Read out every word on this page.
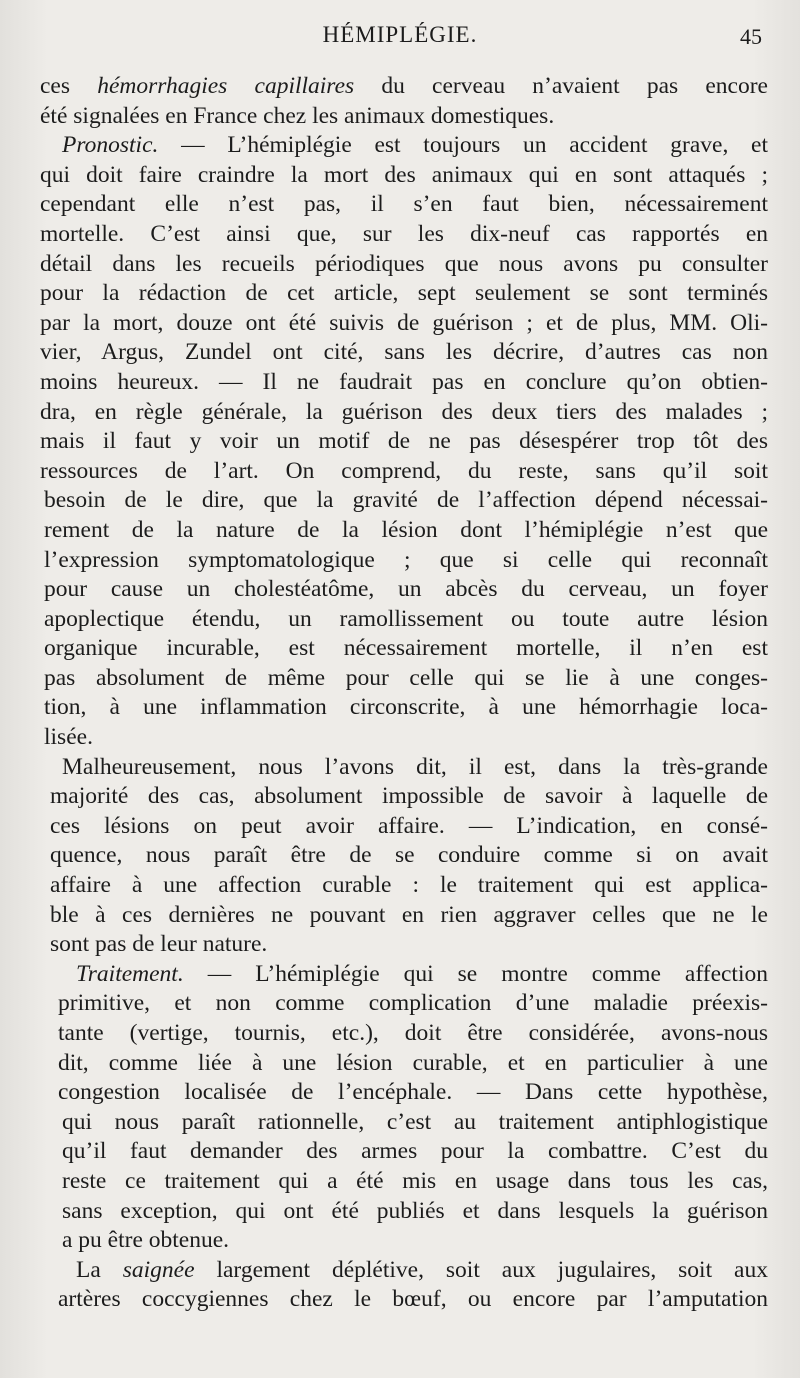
HÉMIPLÉGIE.	45
ces hémorrhagies capillaires du cerveau n’avaient pas encore
été signalées en France chez les animaux domestiques.
Pronostic. — L’hémiplégie est toujours un accident grave, et
qui doit faire craindre la mort des animaux qui en sont attaqués ;
cependant elle n’est pas, il s’en faut bien, nécessairement
mortelle. C’est ainsi que, sur les dix-neuf cas rapportés en
détail dans les recueils périodiques que nous avons pu consulter
pour la rédaction de cet article, sept seulement se sont terminés
par la mort, douze ont été suivis de guérison ; et de plus, MM. Oli-
vier, Argus, Zundel ont cité, sans les décrire, d’autres cas non
moins heureux. — Il ne faudrait pas en conclure qu’on obtien-
dra, en règle générale, la guérison des deux tiers des malades ;
mais il faut y voir un motif de ne pas désespérer trop tôt des
ressources de l’art. On comprend, du reste, sans qu’il soit
besoin de le dire, que la gravité de l’affection dépend nécessai-
rement de la nature de la lésion dont l’hémiplégie n’est que
l’expression symptomatologique ; que si celle qui reconnaît
pour cause un cholestéatôme, un abcès du cerveau, un foyer
apoplectique étendu, un ramollissement ou toute autre lésion
organique incurable, est nécessairement mortelle, il n’en est
pas absolument de même pour celle qui se lie à une conges-
tion, à une inflammation circonscrite, à une hémorrhagie loca-
lisée.
Malheureusement, nous l’avons dit, il est, dans la très-grande
majorité des cas, absolument impossible de savoir à laquelle de
ces lésions on peut avoir affaire. — L’indication, en consé-
quence, nous paraît être de se conduire comme si on avait
affaire à une affection curable : le traitement qui est applica-
ble à ces dernières ne pouvant en rien aggraver celles que ne le
sont pas de leur nature.
Traitement. — L’hémiplégie qui se montre comme affection
primitive, et non comme complication d’une maladie préexis-
tante (vertige, tournis, etc.), doit être considérée, avons-nous
dit, comme liée à une lésion curable, et en particulier à une
congestion localisée de l’encéphale. — Dans cette hypothèse,
qui nous paraît rationnelle, c’est au traitement antiphlogistique
qu’il faut demander des armes pour la combattre. C’est du
reste ce traitement qui a été mis en usage dans tous les cas,
sans exception, qui ont été publiés et dans lesquels la guérison
a pu être obtenue.
La saignée largement déplétive, soit aux jugulaires, soit aux
artères coccygiennes chez le bœuf, ou encore par l’amputation
